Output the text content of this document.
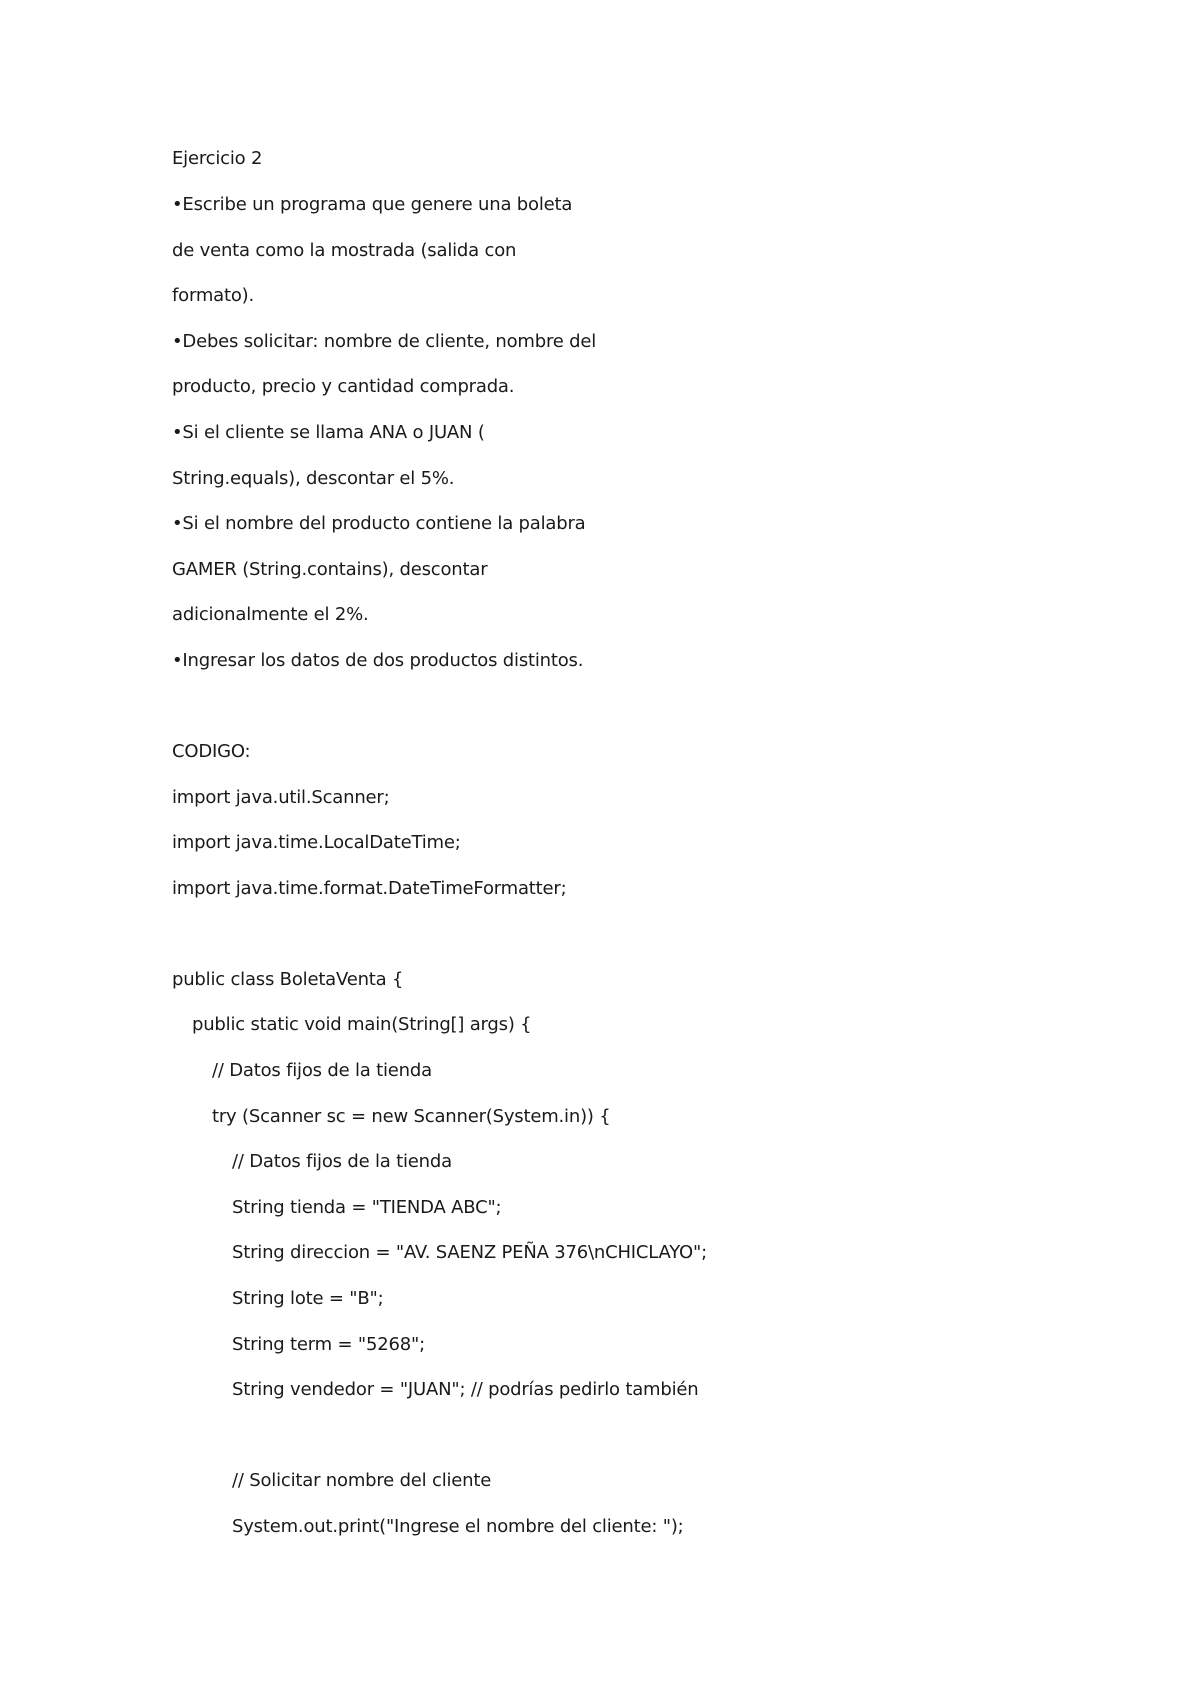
Ejercicio 2
•Escribe un programa que genere una boleta
de venta como la mostrada (salida con
formato).
•Debes solicitar: nombre de cliente, nombre del
producto, precio y cantidad comprada.
•Si el cliente se llama ANA o JUAN (
String.equals), descontar el 5%.
•Si el nombre del producto contiene la palabra
GAMER (String.contains), descontar
adicionalmente el 2%.
•Ingresar los datos de dos productos distintos.
CODIGO:
import java.util.Scanner;
import java.time.LocalDateTime;
import java.time.format.DateTimeFormatter;
public class BoletaVenta {
public static void main(String[] args) {
// Datos fijos de la tienda
try (Scanner sc = new Scanner(System.in)) {
// Datos fijos de la tienda
String tienda = "TIENDA ABC";
String direccion = "AV. SAENZ PEÑA 376\nCHICLAYO";
String lote = "B";
String term = "5268";
String vendedor = "JUAN"; // podrías pedirlo también
// Solicitar nombre del cliente
System.out.print("Ingrese el nombre del cliente: ");
